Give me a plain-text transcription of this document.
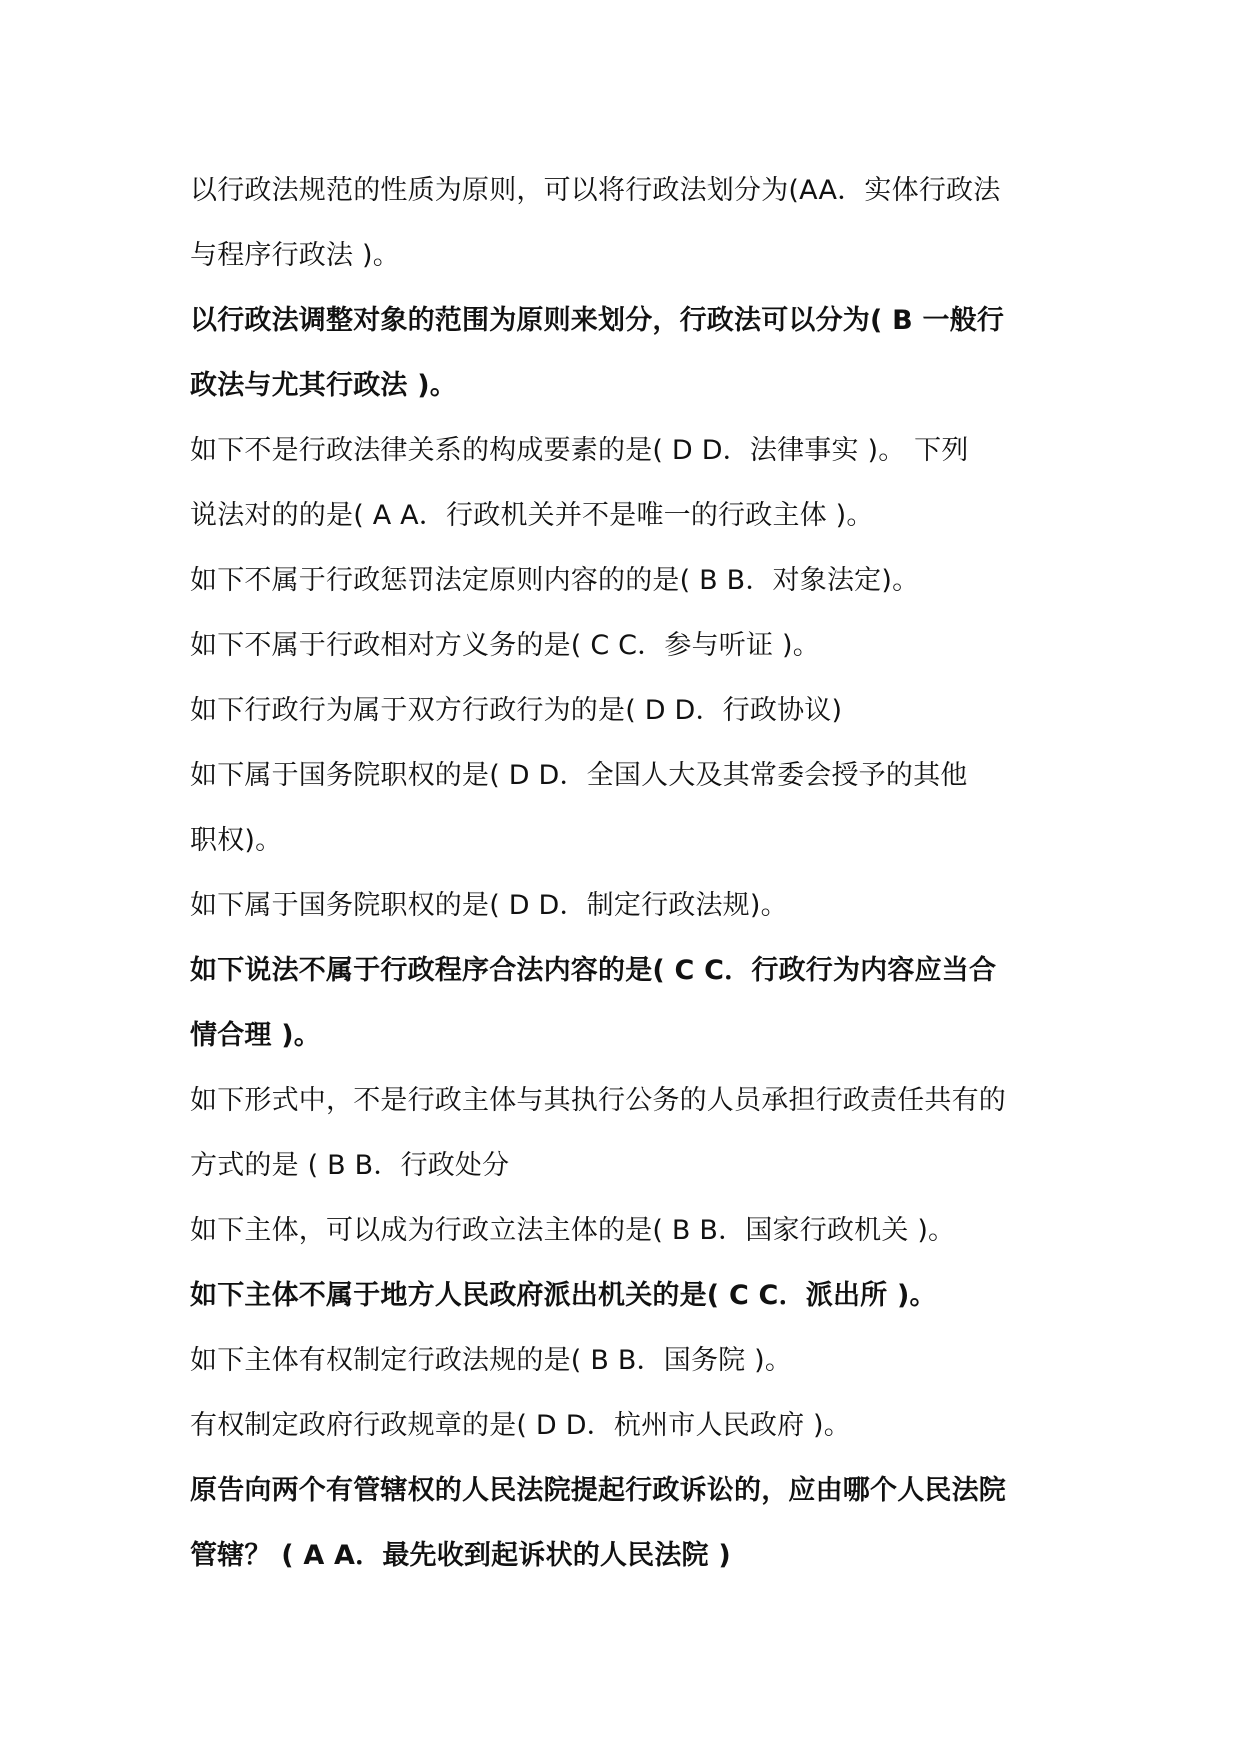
以行政法规范的性质为原则，可以将行政法划分为(AA．实体行政法
与程序行政法 )。
以行政法调整对象的范围为原则来划分，行政法可以分为( B 一般行
政法与尤其行政法 )。
如下不是行政法律关系的构成要素的是( D D．法律事实 )。 下列
说法对的的是( A A．行政机关并不是唯一的行政主体 )。
如下不属于行政惩罚法定原则内容的的是( B B．对象法定)。
如下不属于行政相对方义务的是( C C．参与听证 )。
如下行政行为属于双方行政行为的是( D D．行政协议)
如下属于国务院职权的是( D D．全国人大及其常委会授予的其他
职权)。
如下属于国务院职权的是( D D．制定行政法规)。
如下说法不属于行政程序合法内容的是( C C．行政行为内容应当合
情合理 )。
如下形式中，不是行政主体与其执行公务的人员承担行政责任共有的
方式的是 ( B B．行政处分
如下主体，可以成为行政立法主体的是( B B．国家行政机关 )。
如下主体不属于地方人民政府派出机关的是( C C．派出所 )。
如下主体有权制定行政法规的是( B B．国务院 )。
有权制定政府行政规章的是( D D．杭州市人民政府 )。
原告向两个有管辖权的人民法院提起行政诉讼的，应由哪个人民法院
管辖？ ( A A．最先收到起诉状的人民法院 )
